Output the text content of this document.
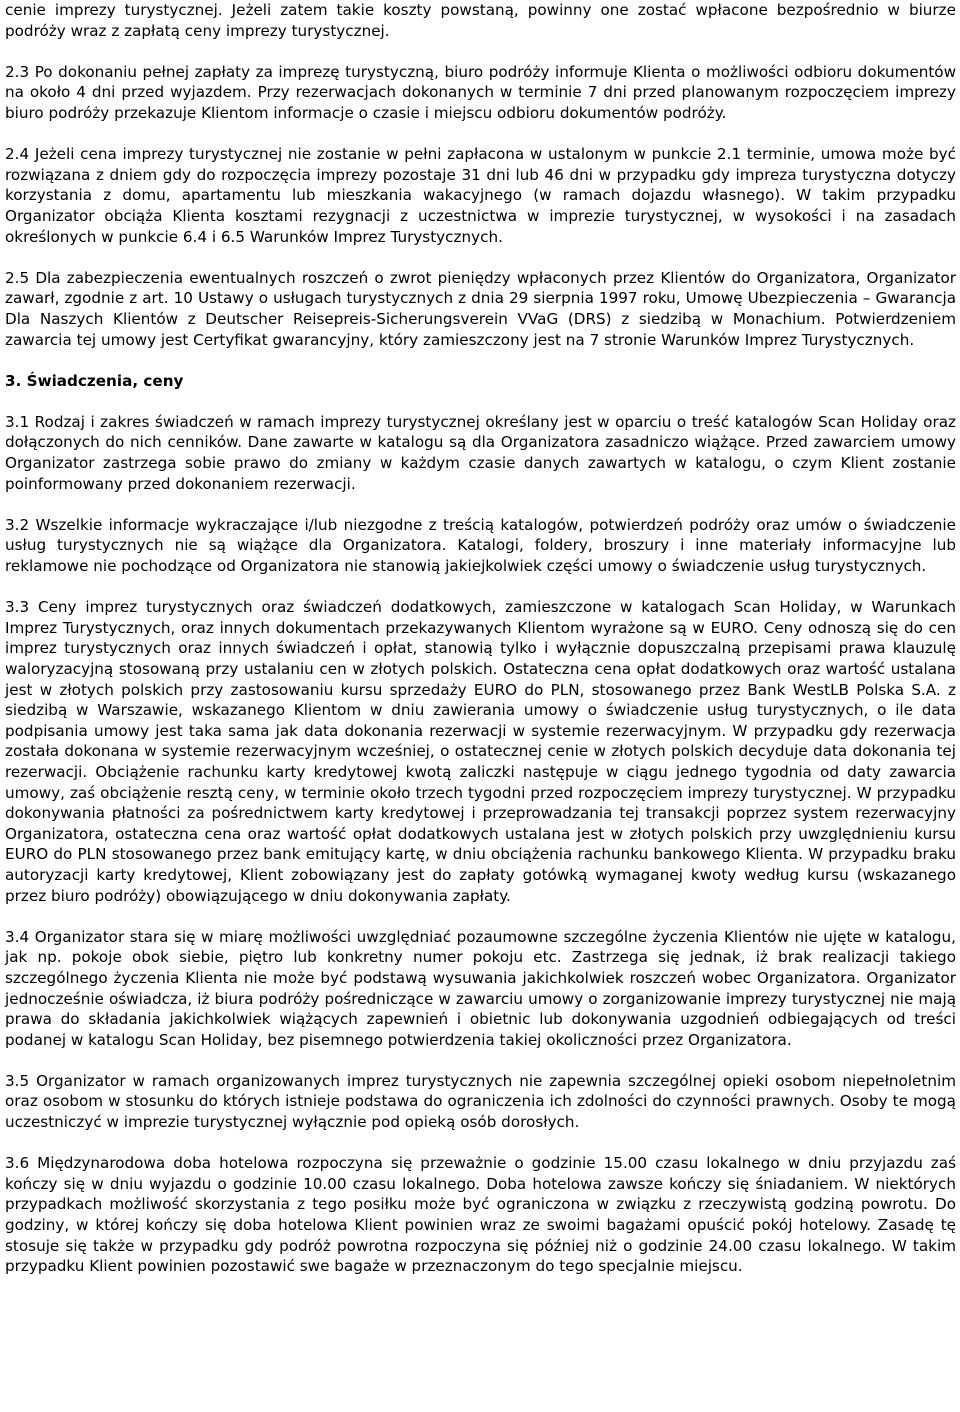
cenie imprezy turystycznej. Jeżeli zatem takie koszty powstaną, powinny one zostać wpłacone bezpośrednio w biurze podróży wraz z zapłatą ceny imprezy turystycznej.

2.3 Po dokonaniu pełnej zapłaty za imprezę turystyczną, biuro podróży informuje Klienta o możliwości odbioru dokumentów na około 4 dni przed wyjazdem. Przy rezerwacjach dokonanych w terminie 7 dni przed planowanym rozpoczęciem imprezy biuro podróży przekazuje Klientom informacje o czasie i miejscu odbioru dokumentów podróży.

2.4 Jeżeli cena imprezy turystycznej nie zostanie w pełni zapłacona w ustalonym w punkcie 2.1 terminie, umowa może być rozwiązana z dniem gdy do rozpoczęcia imprezy pozostaje 31 dni lub 46 dni w przypadku gdy impreza turystyczna dotyczy korzystania z domu, apartamentu lub mieszkania wakacyjnego (w ramach dojazdu własnego). W takim przypadku Organizator obciąża Klienta kosztami rezygnacji z uczestnictwa w imprezie turystycznej, w wysokości i na zasadach określonych w punkcie 6.4 i 6.5 Warunków Imprez Turystycznych.

2.5 Dla zabezpieczenia ewentualnych roszczeń o zwrot pieniędzy wpłaconych przez Klientów do Organizatora, Organizator zawarł, zgodnie z art. 10 Ustawy o usługach turystycznych z dnia 29 sierpnia 1997 roku, Umowę Ubezpieczenia – Gwarancja Dla Naszych Klientów z Deutscher Reisepreis-Sicherungsverein VVaG (DRS) z siedzibą w Monachium. Potwierdzeniem zawarcia tej umowy jest Certyfikat gwarancyjny, który zamieszczony jest na 7 stronie Warunków Imprez Turystycznych.

3. Świadczenia, ceny

3.1 Rodzaj i zakres świadczeń w ramach imprezy turystycznej określany jest w oparciu o treść katalogów Scan Holiday oraz dołączonych do nich cenników. Dane zawarte w katalogu są dla Organizatora zasadniczo wiążące. Przed zawarciem umowy Organizator zastrzega sobie prawo do zmiany w każdym czasie danych zawartych w katalogu, o czym Klient zostanie poinformowany przed dokonaniem rezerwacji.

3.2 Wszelkie informacje wykraczające i/lub niezgodne z treścią katalogów, potwierdzeń podróży oraz umów o świadczenie usług turystycznych nie są wiążące dla Organizatora. Katalogi, foldery, broszury i inne materiały informacyjne lub reklamowe nie pochodzące od Organizatora nie stanowią jakiejkolwiek części umowy o świadczenie usług turystycznych.

3.3 Ceny imprez turystycznych oraz świadczeń dodatkowych, zamieszczone w katalogach Scan Holiday, w Warunkach Imprez Turystycznych, oraz innych dokumentach przekazywanych Klientom wyrażone są w EURO. Ceny odnoszą się do cen imprez turystycznych oraz innych świadczeń i opłat, stanowią tylko i wyłącznie dopuszczalną przepisami prawa klauzulę waloryzacyjną stosowaną przy ustalaniu cen w złotych polskich. Ostateczna cena opłat dodatkowych oraz wartość ustalana jest w złotych polskich przy zastosowaniu kursu sprzedaży EURO do PLN, stosowanego przez Bank WestLB Polska S.A. z siedzibą w Warszawie, wskazanego Klientom w dniu zawierania umowy o świadczenie usług turystycznych, o ile data podpisania umowy jest taka sama jak data dokonania rezerwacji w systemie rezerwacyjnym. W przypadku gdy rezerwacja została dokonana w systemie rezerwacyjnym wcześniej, o ostatecznej cenie w złotych polskich decyduje data dokonania tej rezerwacji. Obciążenie rachunku karty kredytowej kwotą zaliczki następuje w ciągu jednego tygodnia od daty zawarcia umowy, zaś obciążenie resztą ceny, w terminie około trzech tygodni przed rozpoczęciem imprezy turystycznej. W przypadku dokonywania płatności za pośrednictwem karty kredytowej i przeprowadzania tej transakcji poprzez system rezerwacyjny Organizatora, ostateczna cena oraz wartość opłat dodatkowych ustalana jest w złotych polskich przy uwzględnieniu kursu EURO do PLN stosowanego przez bank emitujący kartę, w dniu obciążenia rachunku bankowego Klienta. W przypadku braku autoryzacji karty kredytowej, Klient zobowiązany jest do zapłaty gotówką wymaganej kwoty według kursu (wskazanego przez biuro podróży) obowiązującego w dniu dokonywania zapłaty.

3.4 Organizator stara się w miarę możliwości uwzględniać pozaumowne szczególne życzenia Klientów nie ujęte w katalogu, jak np. pokoje obok siebie, piętro lub konkretny numer pokoju etc. Zastrzega się jednak, iż brak realizacji takiego szczególnego życzenia Klienta nie może być podstawą wysuwania jakichkolwiek roszczeń wobec Organizatora. Organizator jednocześnie oświadcza, iż biura podróży pośredniczące w zawarciu umowy o zorganizowanie imprezy turystycznej nie mają prawa do składania jakichkolwiek wiążących zapewnień i obietnic lub dokonywania uzgodnień odbiegających od treści podanej w katalogu Scan Holiday, bez pisemnego potwierdzenia takiej okoliczności przez Organizatora.

3.5 Organizator w ramach organizowanych imprez turystycznych nie zapewnia szczególnej opieki osobom niepełnoletnim oraz osobom w stosunku do których istnieje podstawa do ograniczenia ich zdolności do czynności prawnych. Osoby te mogą uczestniczyć w imprezie turystycznej wyłącznie pod opieką osób dorosłych.

3.6 Międzynarodowa doba hotelowa rozpoczyna się przeważnie o godzinie 15.00 czasu lokalnego w dniu przyjazdu zaś kończy się w dniu wyjazdu o godzinie 10.00 czasu lokalnego. Doba hotelowa zawsze kończy się śniadaniem. W niektórych przypadkach możliwość skorzystania z tego posiłku może być ograniczona w związku z rzeczywistą godziną powrotu. Do godziny, w której kończy się doba hotelowa Klient powinien wraz ze swoimi bagażami opuścić pokój hotelowy. Zasadę tę stosuje się także w przypadku gdy podróż powrotna rozpoczyna się później niż o godzinie 24.00 czasu lokalnego. W takim przypadku Klient powinien pozostawić swe bagaże w przeznaczonym do tego specjalnie miejscu.
